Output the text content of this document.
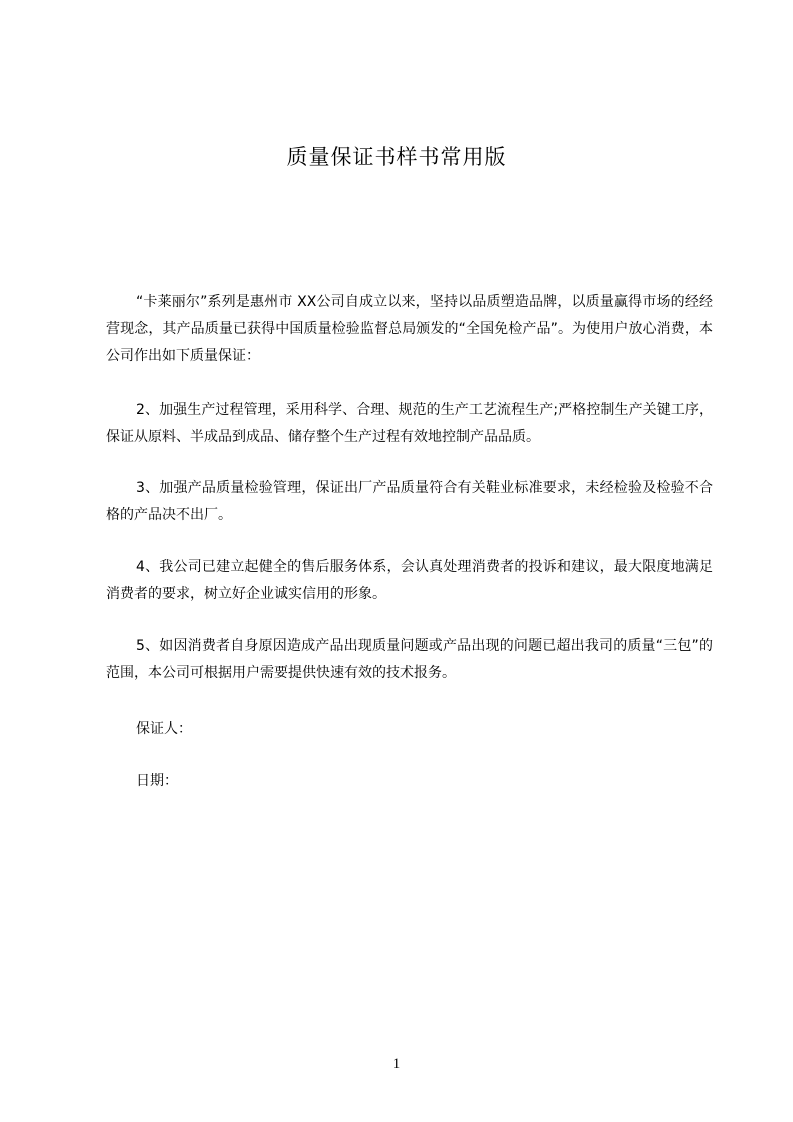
质量保证书样书常用版

“卡莱丽尔”系列是惠州市 XX公司自成立以来，坚持以品质塑造品牌，以质量赢得市场的经经营现念，其产品质量已获得中国质量检验监督总局颁发的“全国免检产品”。为使用户放心消费，本公司作出如下质量保证：

2、加强生产过程管理，采用科学、合理、规范的生产工艺流程生产;严格控制生产关键工序，保证从原料、半成品到成品、储存整个生产过程有效地控制产品品质。

3、加强产品质量检验管理，保证出厂产品质量符合有关鞋业标准要求，未经检验及检验不合格的产品决不出厂。

4、我公司已建立起健全的售后服务体系，会认真处理消费者的投诉和建议，最大限度地满足消费者的要求，树立好企业诚实信用的形象。

5、如因消费者自身原因造成产品出现质量问题或产品出现的问题已超出我司的质量“三包”的范围，本公司可根据用户需要提供快速有效的技术报务。

保证人：
日期：
1
